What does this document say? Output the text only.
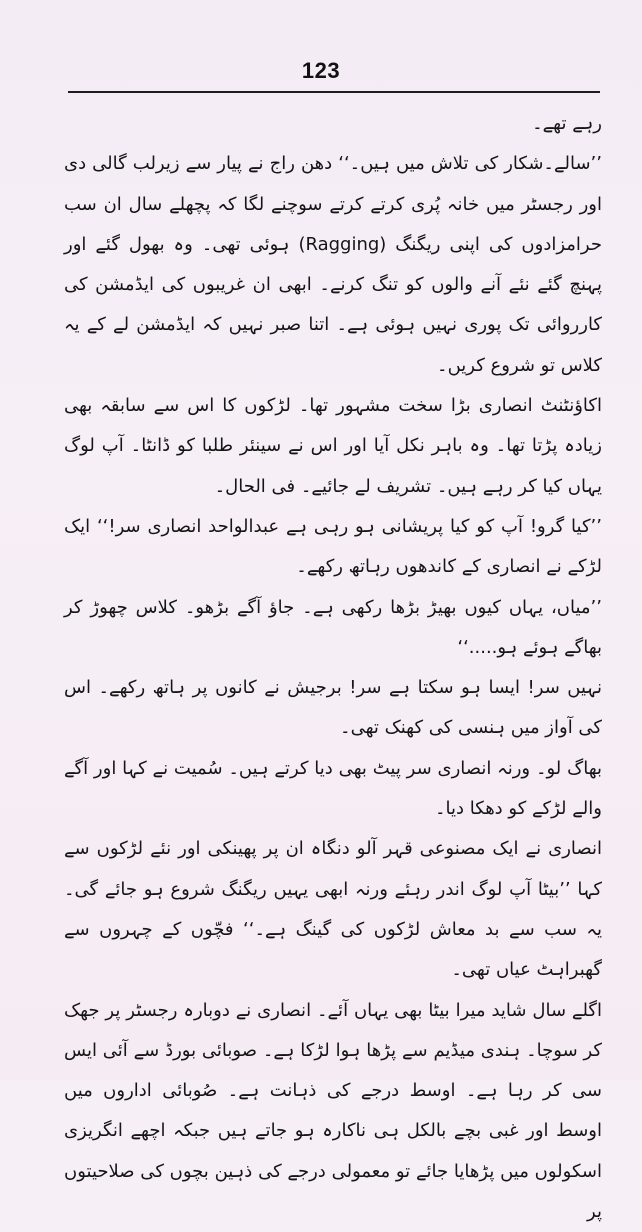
123

رہے تھے۔

’’سالے۔شکار کی تلاش میں ہیں۔‘‘ دھن راج نے پیار سے زیرلب گالی دی اور رجسٹر میں خانہ پُری کرتے کرتے سوچنے لگا کہ پچھلے سال ان سب حرامزادوں کی اپنی ریگنگ (Ragging) ہوئی تھی۔ وہ بھول گئے اور پہنچ گئے نئے آنے والوں کو تنگ کرنے۔ ابھی ان غریبوں کی ایڈمشن کی کارروائی تک پوری نہیں ہوئی ہے۔ اتنا صبر نہیں کہ ایڈمشن لے کے یہ کلاس تو شروع کریں۔

اکاؤنٹنٹ انصاری بڑا سخت مشہور تھا۔ لڑکوں کا اس سے سابقہ بھی زیادہ پڑتا تھا۔ وہ باہر نکل آیا اور اس نے سینئر طلبا کو ڈانٹا۔ آپ لوگ یہاں کیا کر رہے ہیں۔ تشریف لے جائیے۔ فی الحال۔

’’کیا گرو! آپ کو کیا پریشانی ہو رہی ہے عبدالواحد انصاری سر!‘‘ ایک لڑکے نے انصاری کے کاندھوں رہاتھ رکھے۔

’’میاں، یہاں کیوں بھیڑ بڑھا رکھی ہے۔ جاؤ آگے بڑھو۔ کلاس چھوڑ کر بھاگے ہوئے ہو.....‘‘

نہیں سر! ایسا ہو سکتا ہے سر! برجیش نے کانوں پر ہاتھ رکھے۔ اس کی آواز میں ہنسی کی کھنک تھی۔

بھاگ لو۔ ورنہ انصاری سر پیٹ بھی دیا کرتے ہیں۔ سُمیت نے کہا اور آگے والے لڑکے کو دھکا دیا۔

انصاری نے ایک مصنوعی قہر آلو دنگاہ ان پر پھینکی اور نئے لڑکوں سے کہا ’’بیٹا آپ لوگ اندر رہئے ورنہ ابھی یہیں ریگنگ شروع ہو جائے گی۔ یہ سب سے بد معاش لڑکوں کی گینگ ہے۔‘‘ فچّوں کے چہروں سے گھبراہٹ عیاں تھی۔

اگلے سال شاید میرا بیٹا بھی یہاں آئے۔ انصاری نے دوبارہ رجسٹر پر جھک کر سوچا۔ ہندی میڈیم سے پڑھا ہوا لڑکا ہے۔ صوبائی بورڈ سے آئی ایس سی کر رہا ہے۔ اوسط درجے کی ذہانت ہے۔ صُوبائی اداروں میں اوسط اور غبی بچے بالکل ہی ناکارہ ہو جاتے ہیں جبکہ اچھے انگریزی اسکولوں میں پڑھایا جائے تو معمولی درجے کی ذہین بچوں کی صلاحیتوں پر
